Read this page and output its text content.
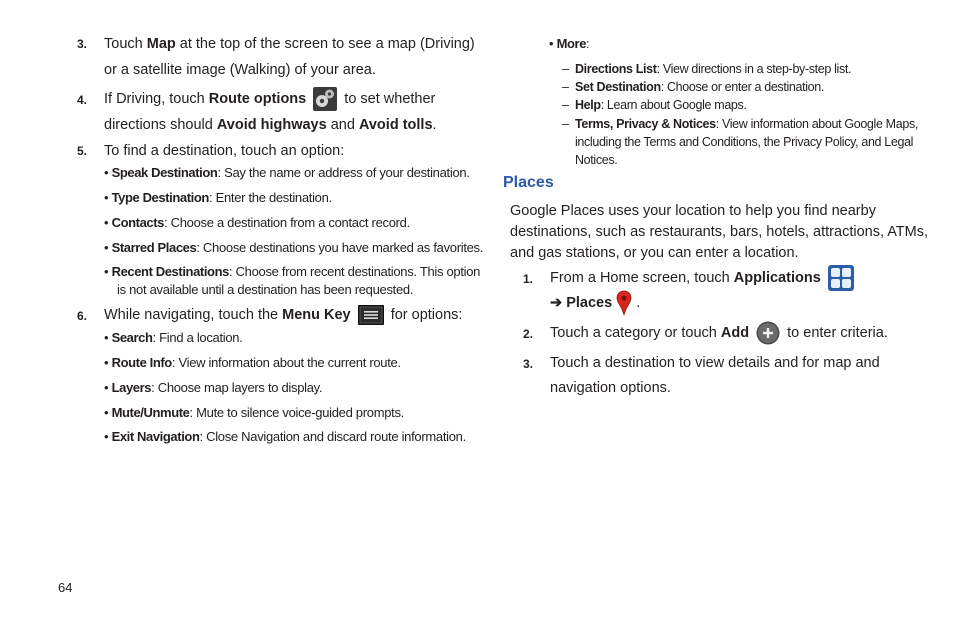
3. Touch Map at the top of the screen to see a map (Driving)
or a satellite image (Walking) of your area.
4. If Driving, touch Route options
to set whether
directions should Avoid highways and Avoid tolls.
5. To find a destination, touch an option:
• Speak Destination: Say the name or address of your destination.
• Type Destination: Enter the destination.
• Contacts: Choose a destination from a contact record.
• Starred Places: Choose destinations you have marked as favorites.
• Recent Destinations: Choose from recent destinations. This option
is not available until a destination has been requested.
6. While navigating, touch the Menu Key
for options:
• Search: Find a location.
• Route Info: View information about the current route.
• Layers: Choose map layers to display.
• Mute/Unmute: Mute to silence voice-guided prompts.
• Exit Navigation: Close Navigation and discard route information.
• More:
– Directions List: View directions in a step-by-step list.
– Set Destination: Choose or enter a destination.
– Help: Learn about Google maps.
– Terms, Privacy & Notices: View information about Google Maps,
including the Terms and Conditions, the Privacy Policy, and Legal
Notices.
Places
Google Places uses your location to help you find nearby
destinations, such as restaurants, bars, hotels, attractions, ATMs,
and gas stations, or you can enter a location.
1. From a Home screen, touch Applications
➔ Places
.
2. Touch a category or touch Add
to enter criteria.
3. Touch a destination to view details and for map and
navigation options.
64
